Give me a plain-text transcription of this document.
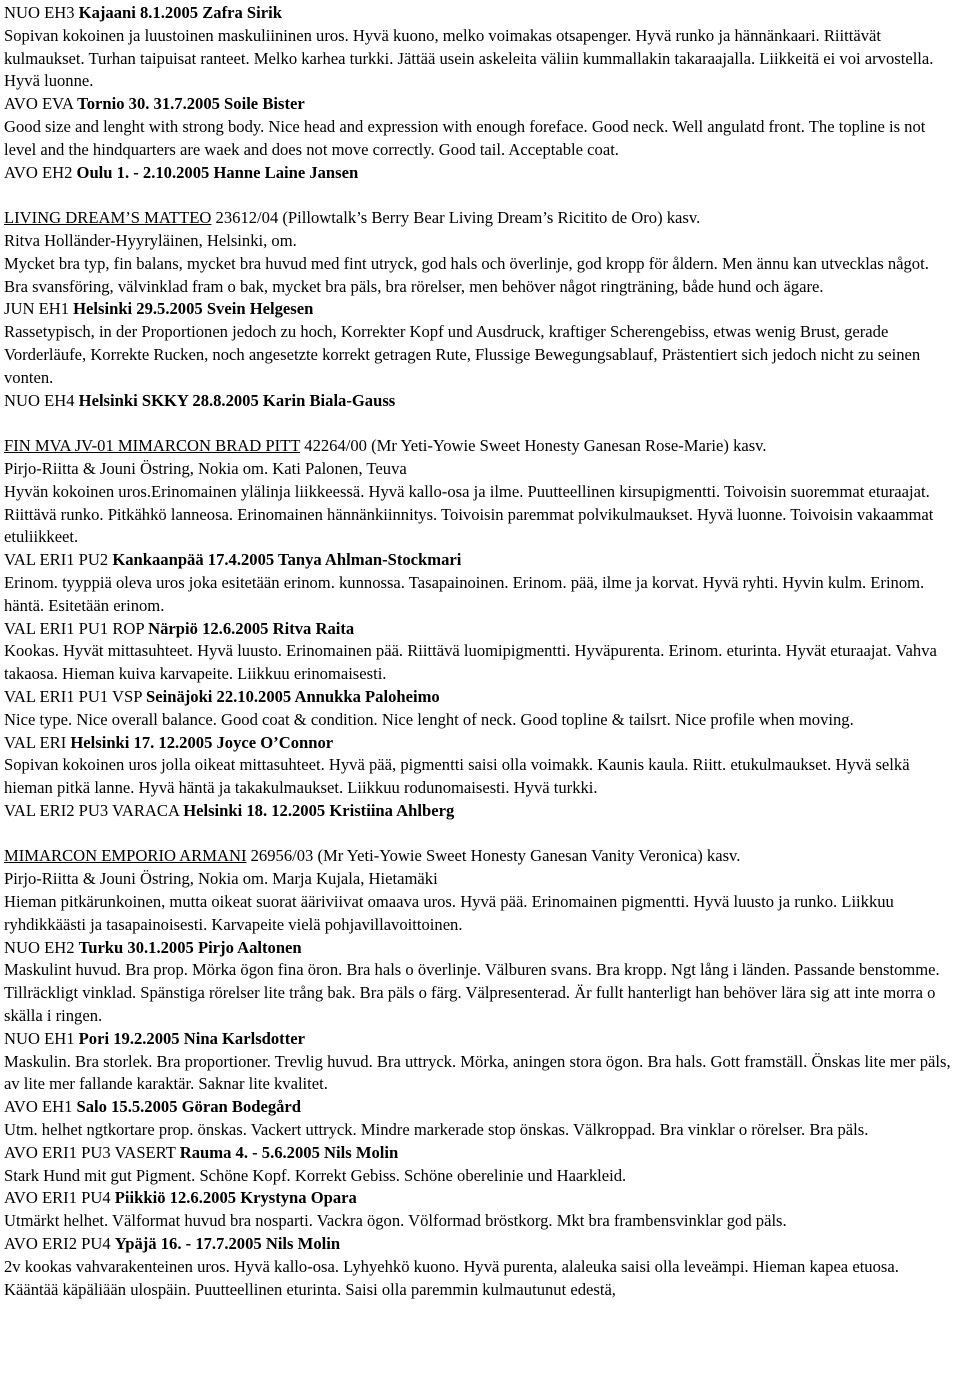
NUO EH3 Kajaani 8.1.2005 Zafra Sirik

Sopivan kokoinen ja luustoinen maskuliininen uros. Hyvä kuono, melko voimakas otsapenger. Hyvä runko ja hännänkaari. Riittävät kulmaukset. Turhan taipuisat ranteet. Melko karhea turkki. Jättää usein askeleita väliin kummallakin takaraajalla. Liikkeitä ei voi arvostella. Hyvä luonne.

AVO EVA Tornio 30. 31.7.2005 Soile Bister

Good size and lenght with strong body. Nice head and expression with enough foreface. Good neck. Well angulatd front. The topline is not level and the hindquarters are waek and does not move correctly. Good tail. Acceptable coat.

AVO EH2 Oulu 1. - 2.10.2005 Hanne Laine Jansen

LIVING DREAM’S MATTEO 23612/04 (Pillowtalk’s Berry Bear Living Dream’s Ricitito de Oro) kasv.

Ritva Holländer-Hyyryläinen, Helsinki, om.

Mycket bra typ, fin balans, mycket bra huvud med fint utryck, god hals och överlinje, god kropp för åldern. Men ännu kan utvecklas något. Bra svansföring, välvinklad fram o bak, mycket bra päls, bra rörelser, men behöver något ringträning, både hund och ägare.

JUN EH1 Helsinki 29.5.2005 Svein Helgesen

Rassetypisch, in der Proportionen jedoch zu hoch, Korrekter Kopf und Ausdruck, kraftiger Scherengebiss, etwas wenig Brust, gerade Vorderläufe, Korrekte Rucken, noch angesetzte korrekt getragen Rute, Flussige Bewegungsablauf, Prästentiert sich jedoch nicht zu seinen vonten.

NUO EH4 Helsinki SKKY 28.8.2005 Karin Biala-Gauss

FIN MVA JV-01 MIMARCON BRAD PITT 42264/00 (Mr Yeti-Yowie Sweet Honesty Ganesan Rose-Marie) kasv.

Pirjo-Riitta & Jouni Östring, Nokia om. Kati Palonen, Teuva

Hyvän kokoinen uros.Erinomainen ylälinja liikkeessä. Hyvä kallo-osa ja ilme. Puutteellinen kirsupigmentti. Toivoisin suoremmat eturaajat. Riittävä runko. Pitkähkö lanneosa. Erinomainen hännänkiinnitys. Toivoisin paremmat polvikulmaukset. Hyvä luonne. Toivoisin vakaammat etuliikkeet.

VAL ERI1 PU2 Kankaanpää 17.4.2005 Tanya Ahlman-Stockmari

Erinom. tyyppiä oleva uros joka esitetään erinom. kunnossa. Tasapainoinen. Erinom. pää, ilme ja korvat. Hyvä ryhti. Hyvin kulm. Erinom. häntä. Esitetään erinom.

VAL ERI1 PU1 ROP Närpiö 12.6.2005 Ritva Raita

Kookas. Hyvät mittasuhteet. Hyvä luusto. Erinomainen pää. Riittävä luomipigmentti. Hyväpurenta. Erinom. eturinta. Hyvät eturaajat. Vahva takaosa. Hieman kuiva karvapeite. Liikkuu erinomaisesti.

VAL ERI1 PU1 VSP Seinäjoki 22.10.2005 Annukka Paloheimo

Nice type. Nice overall balance. Good coat & condition. Nice lenght of neck. Good topline & tailsrt. Nice profile when moving.

VAL ERI Helsinki 17. 12.2005 Joyce O’Connor

Sopivan kokoinen uros jolla oikeat mittasuhteet. Hyvä pää, pigmentti saisi olla voimakk. Kaunis kaula. Riitt. etukulmaukset. Hyvä selkä hieman pitkä lanne. Hyvä häntä ja takakulmaukset. Liikkuu rodunomaisesti. Hyvä turkki.

VAL ERI2 PU3 VARACA Helsinki 18. 12.2005 Kristiina Ahlberg

MIMARCON EMPORIO ARMANI 26956/03 (Mr Yeti-Yowie Sweet Honesty Ganesan Vanity Veronica) kasv.

Pirjo-Riitta & Jouni Östring, Nokia om. Marja Kujala, Hietamäki

Hieman pitkärunkoinen, mutta oikeat suorat ääriviivat omaava uros. Hyvä pää. Erinomainen pigmentti. Hyvä luusto ja runko. Liikkuu ryhdikkäästi ja tasapainoisesti. Karvapeite vielä pohjavillavoittoinen.

NUO EH2 Turku 30.1.2005 Pirjo Aaltonen

Maskulint huvud. Bra prop. Mörka ögon fina öron. Bra hals o överlinje. Välburen svans. Bra kropp. Ngt lång i länden. Passande benstomme. Tillräckligt vinklad. Spänstiga rörelser lite trång bak. Bra päls o färg. Välpresenterad. Är fullt hanterligt han behöver lära sig att inte morra o skälla i ringen.

NUO EH1 Pori 19.2.2005 Nina Karlsdotter

Maskulin. Bra storlek. Bra proportioner. Trevlig huvud. Bra uttryck. Mörka, aningen stora ögon. Bra hals. Gott framställ. Önskas lite mer päls, av lite mer fallande karaktär. Saknar lite kvalitet.

AVO EH1 Salo 15.5.2005 Göran Bodegård

Utm. helhet ngtkortare prop. önskas. Vackert uttryck. Mindre markerade stop önskas. Välkroppad. Bra vinklar o rörelser. Bra päls.

AVO ERI1 PU3 VASERT Rauma 4. - 5.6.2005 Nils Molin

Stark Hund mit gut Pigment. Schöne Kopf. Korrekt Gebiss. Schöne oberelinie und Haarkleid.

AVO ERI1 PU4 Piikkiö 12.6.2005 Krystyna Opara

Utmärkt helhet. Välformat huvud bra nosparti. Vackra ögon. Völformad bröstkorg. Mkt bra frambensvinklar god päls.

AVO ERI2 PU4 Ypäjä 16. - 17.7.2005 Nils Molin

2v kookas vahvarakenteinen uros. Hyvä kallo-osa. Lyhyehkö kuono. Hyvä purenta, alaleuka saisi olla leveämpi. Hieman kapea etuosa. Kääntää käpäliään ulospäin. Puutteellinen eturinta. Saisi olla paremmin kulmautunut edestä,
